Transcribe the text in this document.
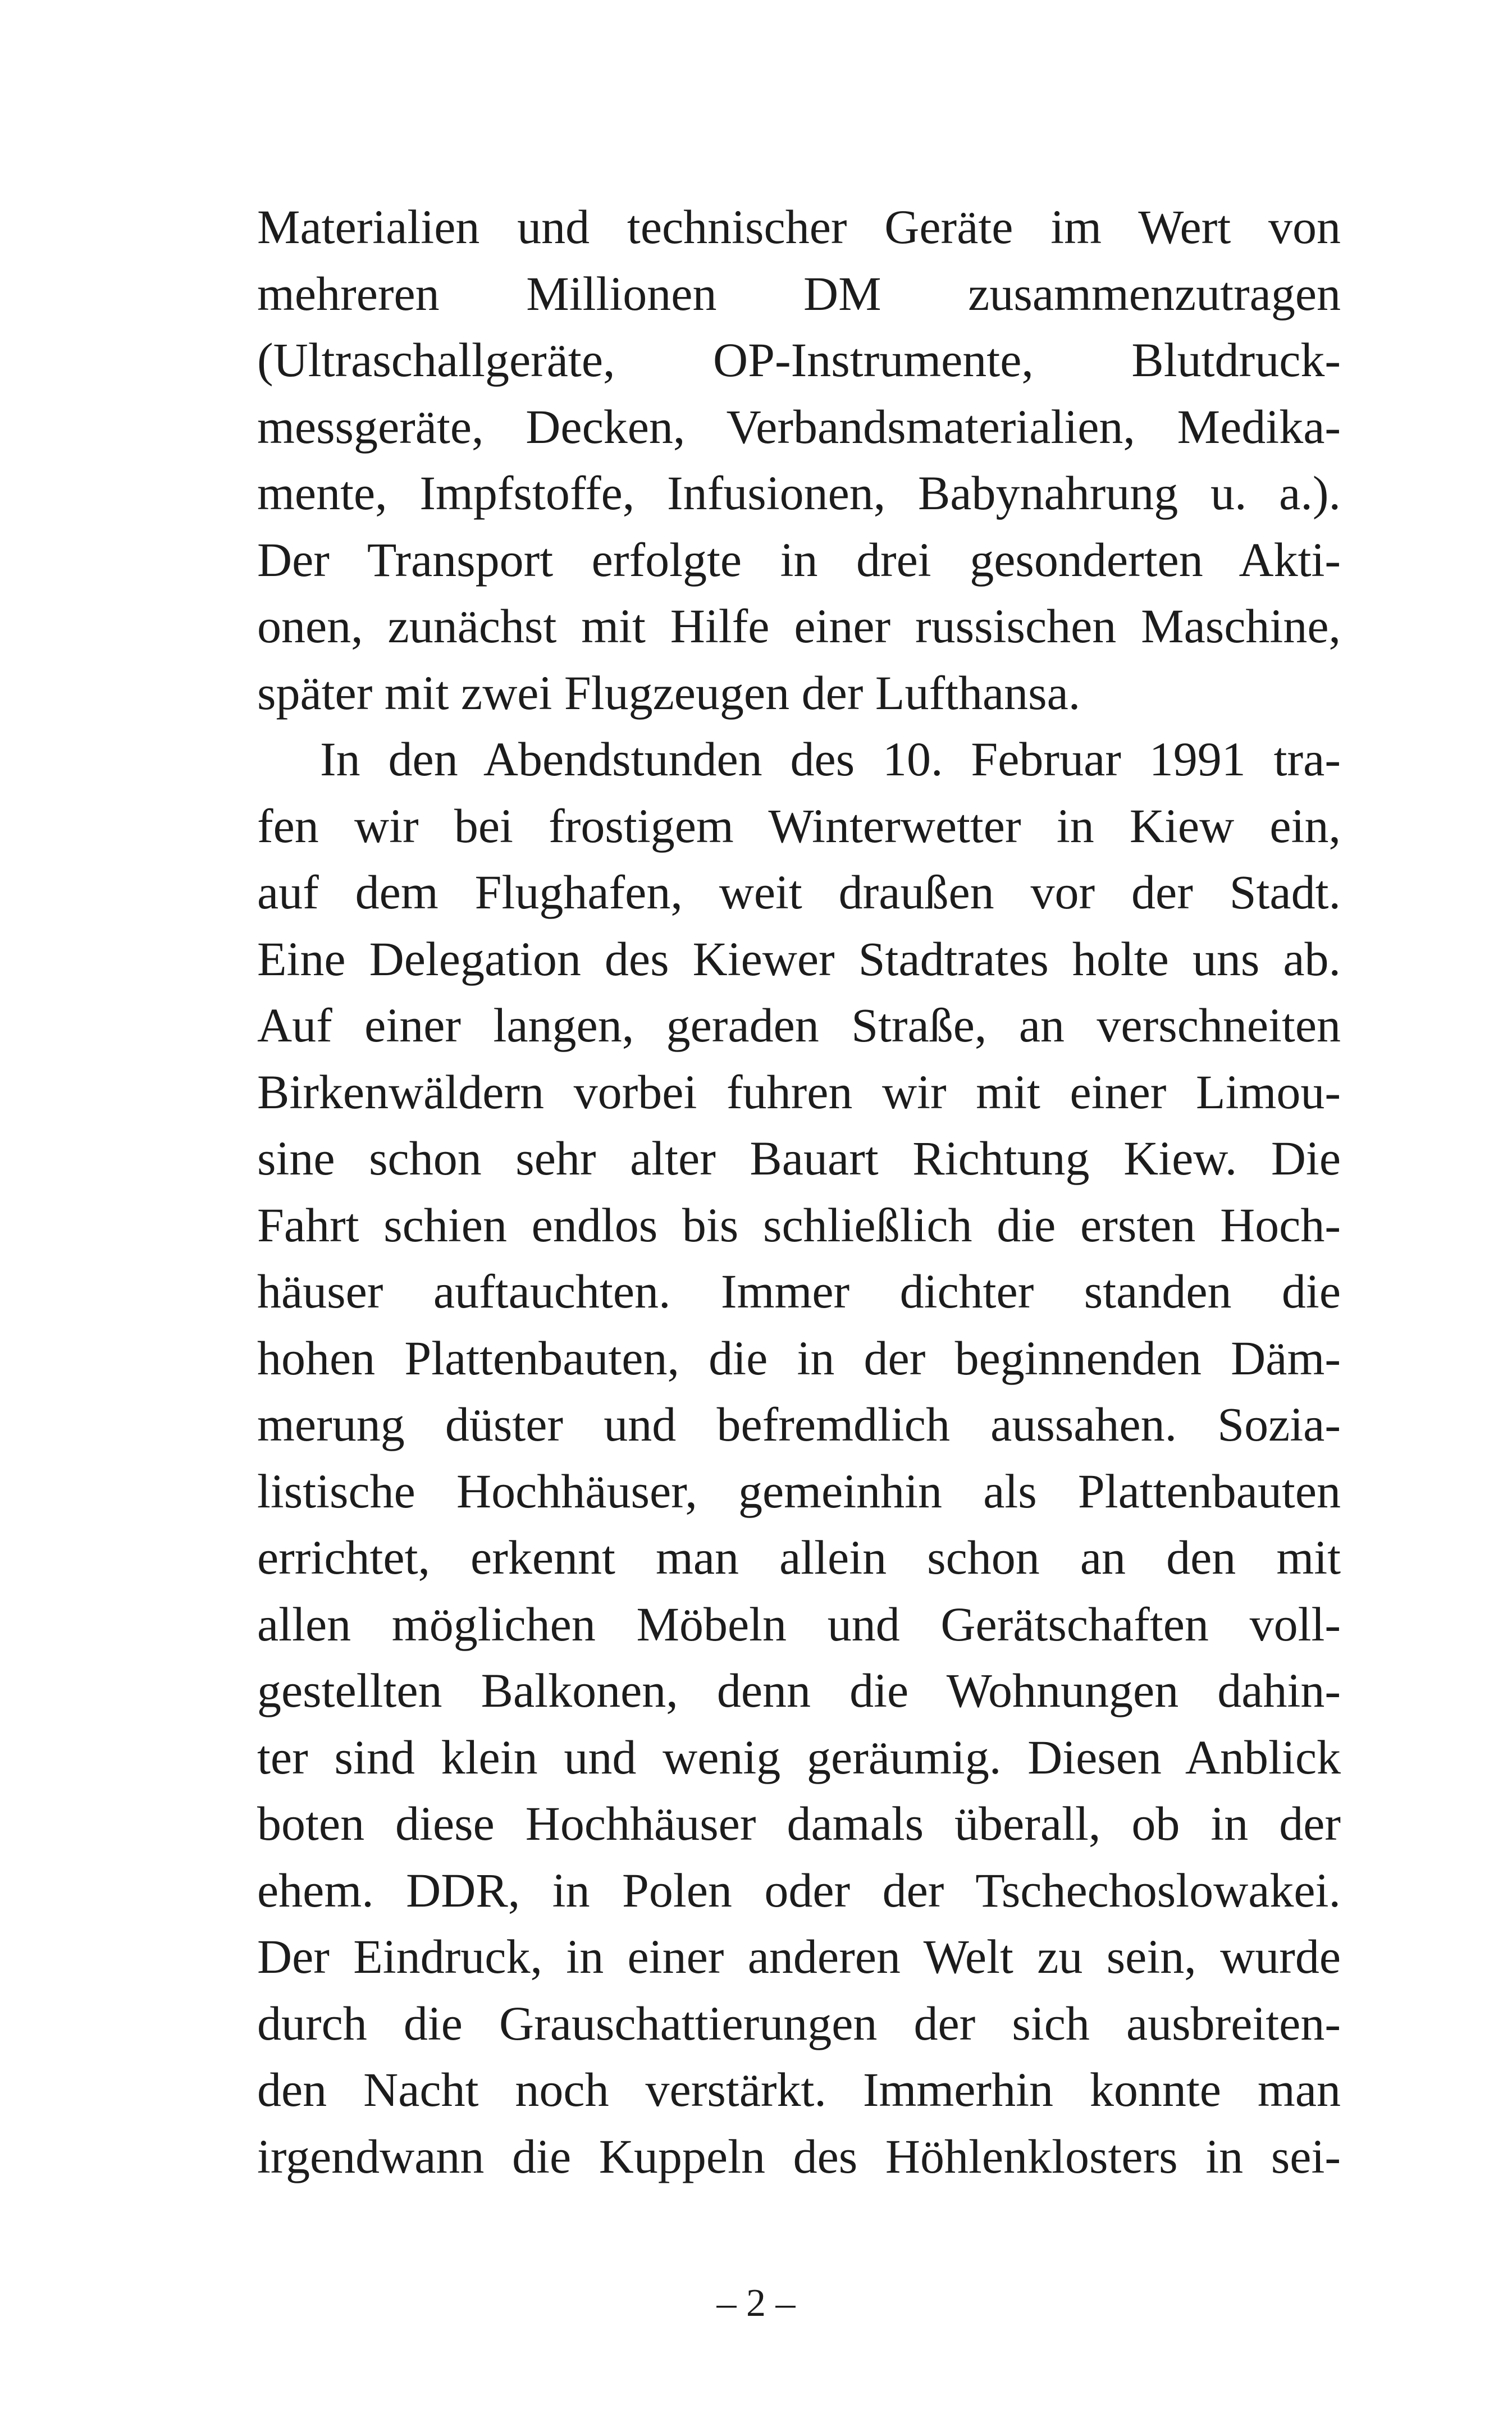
Materialien und technischer Geräte im Wert von
mehreren Millionen DM zusammenzutragen
(Ultraschallgeräte, OP-Instrumente, Blutdruck-
messgeräte, Decken, Verbandsmaterialien, Medika-
mente, Impfstoffe, Infusionen, Babynahrung u. a.).
Der Transport erfolgte in drei gesonderten Akti-
onen, zunächst mit Hilfe einer russischen Maschine,
später mit zwei Flugzeugen der Lufthansa.
In den Abendstunden des 10. Februar 1991 tra-
fen wir bei frostigem Winterwetter in Kiew ein,
auf dem Flughafen, weit draußen vor der Stadt.
Eine Delegation des Kiewer Stadtrates holte uns ab.
Auf einer langen, geraden Straße, an verschneiten
Birkenwäldern vorbei fuhren wir mit einer Limou-
sine schon sehr alter Bauart Richtung Kiew. Die
Fahrt schien endlos bis schließlich die ersten Hoch-
häuser auftauchten. Immer dichter standen die
hohen Plattenbauten, die in der beginnenden Däm-
merung düster und befremdlich aussahen. Sozia-
listische Hochhäuser, gemeinhin als Plattenbauten
errichtet, erkennt man allein schon an den mit
allen möglichen Möbeln und Gerätschaften voll-
gestellten Balkonen, denn die Wohnungen dahin-
ter sind klein und wenig geräumig. Diesen Anblick
boten diese Hochhäuser damals überall, ob in der
ehem. DDR, in Polen oder der Tschechoslowakei.
Der Eindruck, in einer anderen Welt zu sein, wurde
durch die Grauschattierungen der sich ausbreiten-
den Nacht noch verstärkt. Immerhin konnte man
irgendwann die Kuppeln des Höhlenklosters in sei-
– 2 –
